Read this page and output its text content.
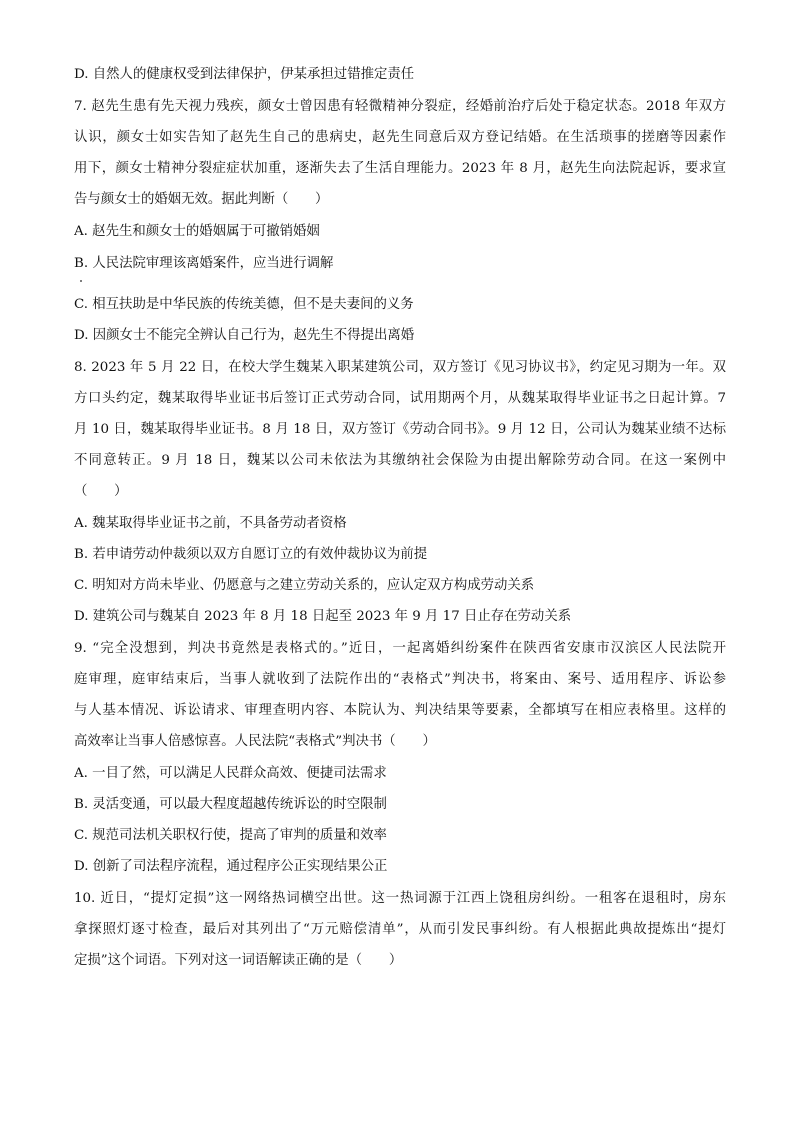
D. 自然人的健康权受到法律保护，伊某承担过错推定责任
7. 赵先生患有先天视力残疾，颜女士曾因患有轻微精神分裂症，经婚前治疗后处于稳定状态。2018 年双方
认识，颜女士如实告知了赵先生自己的患病史，赵先生同意后双方登记结婚。在生活琐事的搓磨等因素作
用下，颜女士精神分裂症症状加重，逐渐失去了生活自理能力。2023 年 8 月，赵先生向法院起诉，要求宣
告与颜女士的婚姻无效。据此判断（　　）
A. 赵先生和颜女士的婚姻属于可撤销婚姻
B. 人民法院审理该离婚案件，应当进行调解
C. 相互扶助是中华民族的传统美德，但不是夫妻间的义务
D. 因颜女士不能完全辨认自己行为，赵先生不得提出离婚
8. 2023 年 5 月 22 日，在校大学生魏某入职某建筑公司，双方签订《见习协议书》，约定见习期为一年。双
方口头约定，魏某取得毕业证书后签订正式劳动合同，试用期两个月，从魏某取得毕业证书之日起计算。7
月 10 日，魏某取得毕业证书。8 月 18 日，双方签订《劳动合同书》。9 月 12 日，公司认为魏某业绩不达标
不同意转正。9 月 18 日，魏某以公司未依法为其缴纳社会保险为由提出解除劳动合同。在这一案例中
（　　）
A. 魏某取得毕业证书之前，不具备劳动者资格
B. 若申请劳动仲裁须以双方自愿订立的有效仲裁协议为前提
C. 明知对方尚未毕业、仍愿意与之建立劳动关系的，应认定双方构成劳动关系
D. 建筑公司与魏某自 2023 年 8 月 18 日起至 2023 年 9 月 17 日止存在劳动关系
9. “完全没想到，判决书竟然是表格式的。”近日，一起离婚纠纷案件在陕西省安康市汉滨区人民法院开
庭审理，庭审结束后，当事人就收到了法院作出的“表格式”判决书，将案由、案号、适用程序、诉讼参
与人基本情况、诉讼请求、审理查明内容、本院认为、判决结果等要素，全都填写在相应表格里。这样的
高效率让当事人倍感惊喜。人民法院“表格式”判决书（　　）
A. 一目了然，可以满足人民群众高效、便捷司法需求
B. 灵活变通，可以最大程度超越传统诉讼的时空限制
C. 规范司法机关职权行使，提高了审判的质量和效率
D. 创新了司法程序流程，通过程序公正实现结果公正
10. 近日，“提灯定损”这一网络热词横空出世。这一热词源于江西上饶租房纠纷。一租客在退租时，房东
拿探照灯逐寸检查，最后对其列出了“万元赔偿清单”，从而引发民事纠纷。有人根据此典故提炼出“提灯
定损”这个词语。下列对这一词语解读正确的是（　　）
